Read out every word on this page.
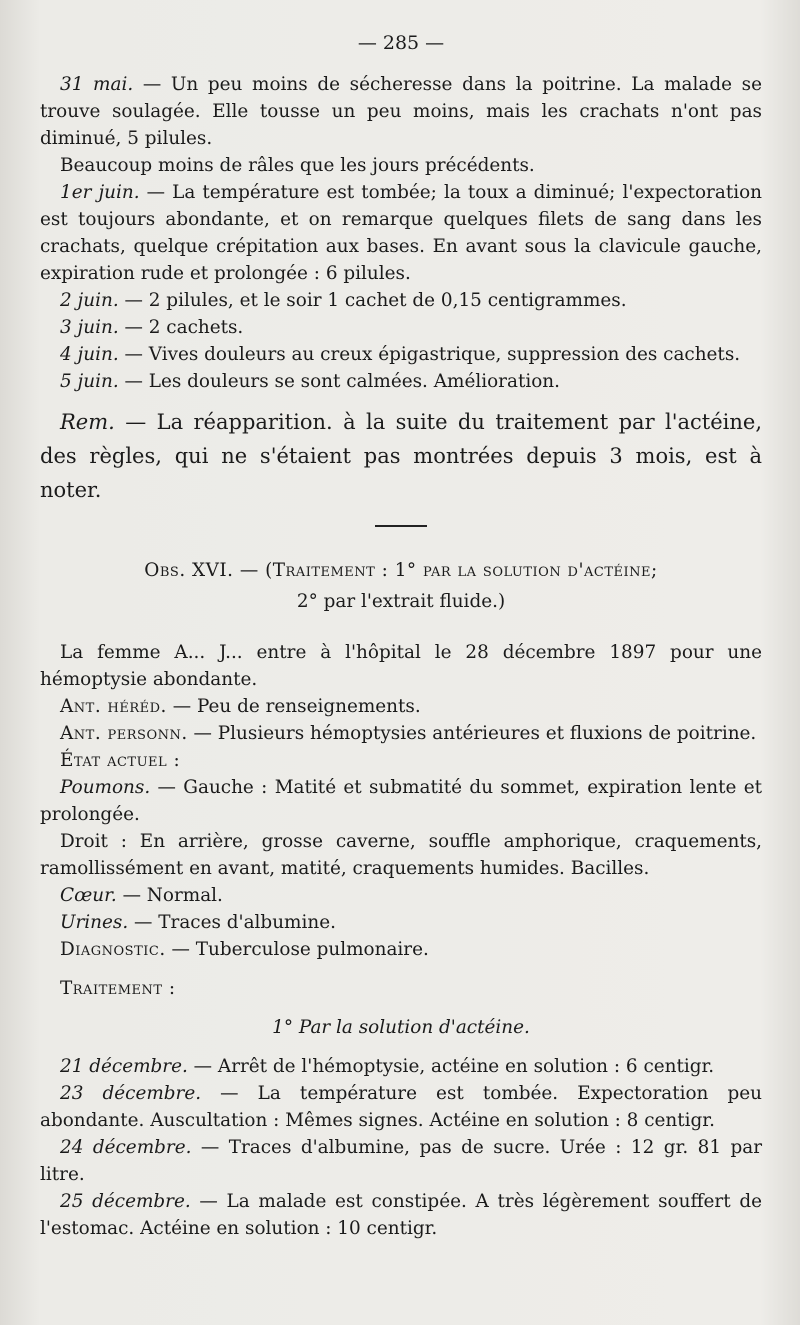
— 285 —

31 mai. — Un peu moins de sécheresse dans la poitrine. La malade se trouve soulagée. Elle tousse un peu moins, mais les crachats n'ont pas diminué, 5 pilules.

Beaucoup moins de râles que les jours précédents.

1er juin. — La température est tombée; la toux a diminué; l'expectoration est toujours abondante, et on remarque quelques filets de sang dans les crachats, quelque crépitation aux bases. En avant sous la clavicule gauche, expiration rude et prolongée : 6 pilules.

2 juin. — 2 pilules, et le soir 1 cachet de 0,15 centigrammes.

3 juin. — 2 cachets.

4 juin. — Vives douleurs au creux épigastrique, suppression des cachets.

5 juin. — Les douleurs se sont calmées. Amélioration.

Rem. — La réapparition. à la suite du traitement par l'actéine, des règles, qui ne s'étaient pas montrées depuis 3 mois, est à noter.

Obs. XVI. — (Traitement : 1° par la solution d'actéine;
2° par l'extrait fluide.)

La femme A... J... entre à l'hôpital le 28 décembre 1897 pour une hémoptysie abondante.

Ant. héréd. — Peu de renseignements.

Ant. personn. — Plusieurs hémoptysies antérieures et fluxions de poitrine.

État actuel :

Poumons. — Gauche : Matité et submatité du sommet, expiration lente et prolongée.

Droit : En arrière, grosse caverne, souffle amphorique, craquements, ramollissément en avant, matité, craquements humides. Bacilles.

Cœur. — Normal.

Urines. — Traces d'albumine.

Diagnostic. — Tuberculose pulmonaire.

Traitement :

1° Par la solution d'actéine.

21 décembre. — Arrêt de l'hémoptysie, actéine en solution : 6 centigr.

23 décembre. — La température est tombée. Expectoration peu abondante. Auscultation : Mêmes signes. Actéine en solution : 8 centigr.

24 décembre. — Traces d'albumine, pas de sucre. Urée : 12 gr. 81 par litre.

25 décembre. — La malade est constipée. A très légèrement souffert de l'estomac. Actéine en solution : 10 centigr.
